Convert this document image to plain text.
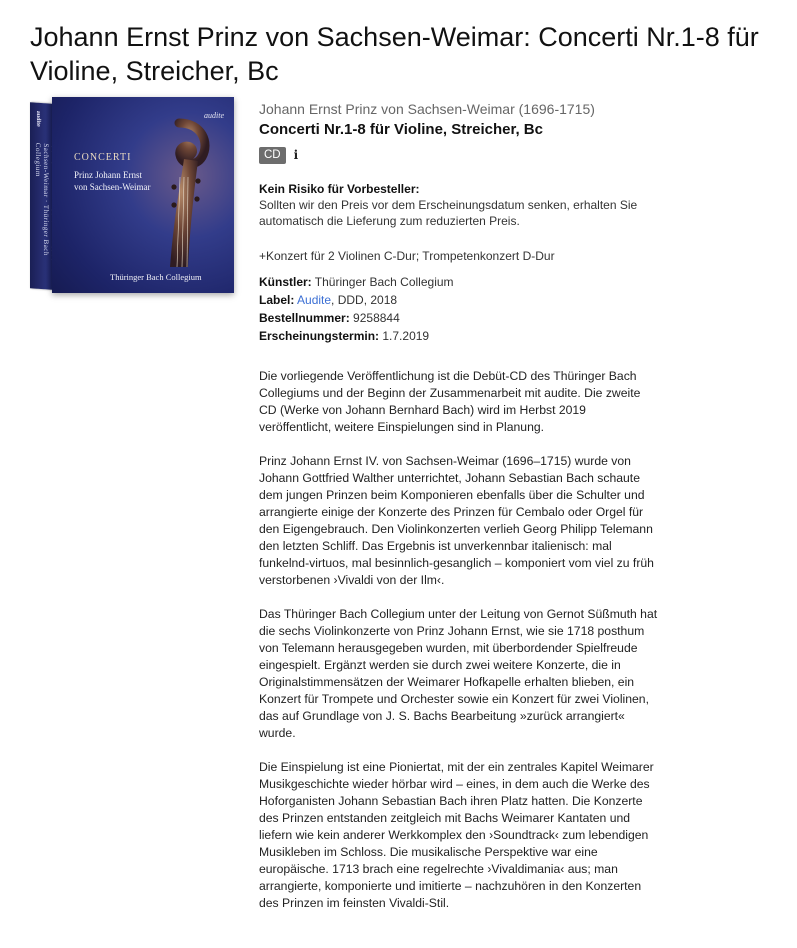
Johann Ernst Prinz von Sachsen-Weimar: Concerti Nr.1-8 für Violine, Streicher, Bc
audite
Sachsen-Weimar · Thüringer Bach Collegium
audite
CONCERTI
Prinz Johann Ernst
von Sachsen-Weimar
Thüringer Bach Collegium
Johann Ernst Prinz von Sachsen-Weimar (1696-1715)
Concerti Nr.1-8 für Violine, Streicher, Bc
CD	i
Kein Risiko für Vorbesteller:
Sollten wir den Preis vor dem Erscheinungsdatum senken, erhalten Sie automatisch die Lieferung zum reduzierten Preis.
+Konzert für 2 Violinen C-Dur; Trompetenkonzert D-Dur
Künstler: Thüringer Bach Collegium
Label: Audite, DDD, 2018
Bestellnummer: 9258844
Erscheinungstermin: 1.7.2019

Die vorliegende Veröffentlichung ist die Debüt-CD des Thüringer Bach Collegiums und der Beginn der Zusammenarbeit mit audite. Die zweite CD (Werke von Johann Bernhard Bach) wird im Herbst 2019 veröffentlicht, weitere Einspielungen sind in Planung.

Prinz Johann Ernst IV. von Sachsen-Weimar (1696–1715) wurde von Johann Gottfried Walther unterrichtet, Johann Sebastian Bach schaute dem jungen Prinzen beim Komponieren ebenfalls über die Schulter und arrangierte einige der Konzerte des Prinzen für Cembalo oder Orgel für den Eigengebrauch. Den Violinkonzerten verlieh Georg Philipp Telemann den letzten Schliff. Das Ergebnis ist unverkennbar italienisch: mal funkelnd-virtuos, mal besinnlich-gesanglich – komponiert vom viel zu früh verstorbenen ›Vivaldi von der Ilm‹.

Das Thüringer Bach Collegium unter der Leitung von Gernot Süßmuth hat die sechs Violinkonzerte von Prinz Johann Ernst, wie sie 1718 posthum von Telemann herausgegeben wurden, mit überbordender Spielfreude eingespielt. Ergänzt werden sie durch zwei weitere Konzerte, die in Originalstimmensätzen der Weimarer Hofkapelle erhalten blieben, ein Konzert für Trompete und Orchester sowie ein Konzert für zwei Violinen, das auf Grundlage von J. S. Bachs Bearbeitung »zurück arrangiert« wurde.

Die Einspielung ist eine Pioniertat, mit der ein zentrales Kapitel Weimarer Musikgeschichte wieder hörbar wird – eines, in dem auch die Werke des Hoforganisten Johann Sebastian Bach ihren Platz hatten. Die Konzerte des Prinzen entstanden zeitgleich mit Bachs Weimarer Kantaten und liefern wie kein anderer Werkkomplex den ›Soundtrack‹ zum lebendigen Musikleben im Schloss. Die musikalische Perspektive war eine europäische. 1713 brach eine regelrechte ›Vivaldimania‹ aus; man arrangierte, komponierte und imitierte – nachzuhören in den Konzerten des Prinzen im feinsten Vivaldi-Stil.
